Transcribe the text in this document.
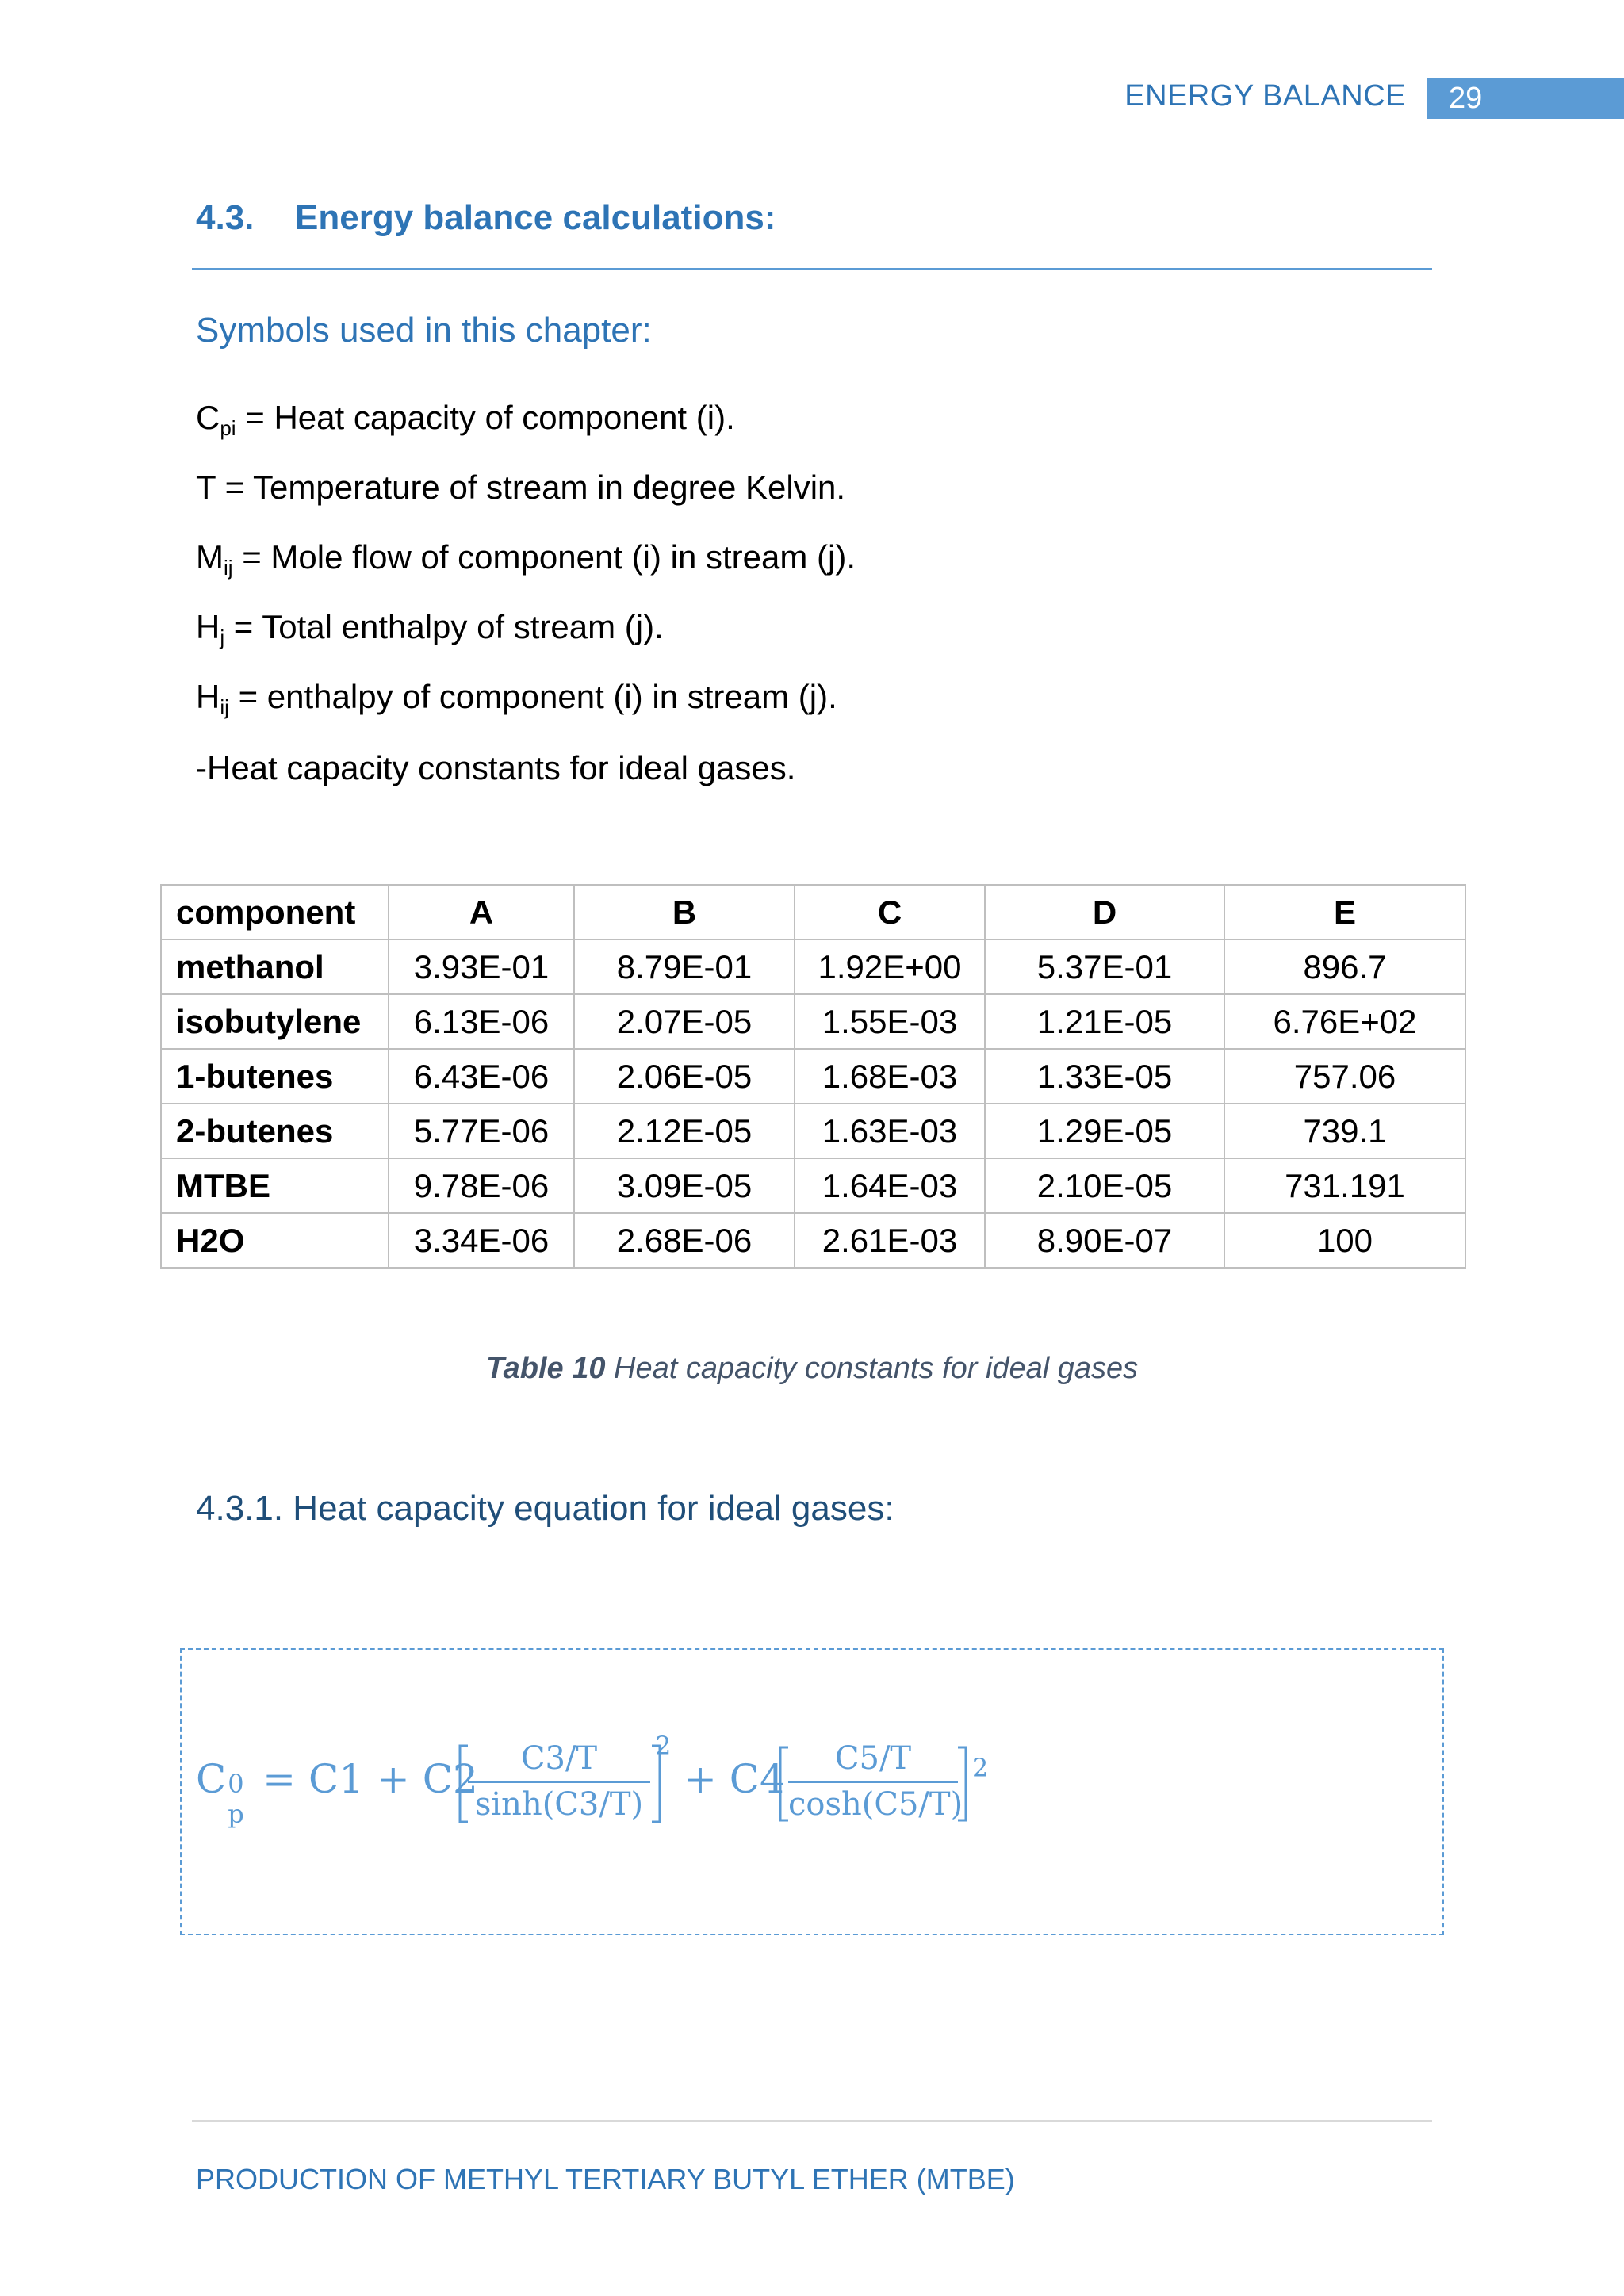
ENERGY BALANCE	29
4.3. Energy balance calculations:
Symbols used in this chapter:
$C_{pi}$ = Heat capacity of component (i).
T = Temperature of stream in degree Kelvin.
$M_{ij}$ = Mole flow of component (i) in stream (j).
$H_j$ = Total enthalpy of stream (j).
$H_{ij}$ = enthalpy of component (i) in stream (j).
-Heat capacity constants for ideal gases.
component	A	B	C	D	E
methanol	3.93E-01	8.79E-01	1.92E+00	5.37E-01	896.7
isobutylene	6.13E-06	2.07E-05	1.55E-03	1.21E-05	6.76E+02
1-butenes	6.43E-06	2.06E-05	1.68E-03	1.33E-05	757.06
2-butenes	5.77E-06	2.12E-05	1.63E-03	1.29E-05	739.1
MTBE	9.78E-06	3.09E-05	1.64E-03	2.10E-05	731.191
H2O	3.34E-06	2.68E-06	2.61E-03	8.90E-07	100
Table 10 Heat capacity constants for ideal gases
4.3.1. Heat capacity equation for ideal gases:
C 0
p
= C1 + C2
$\frac{C3/T}{\sinh(C3/T)} 2$
+ $C4 \frac{C5/T}{\cosh(C5/T)} 2$
PRODUCTION OF METHYL TERTIARY BUTYL ETHER (MTBE)
